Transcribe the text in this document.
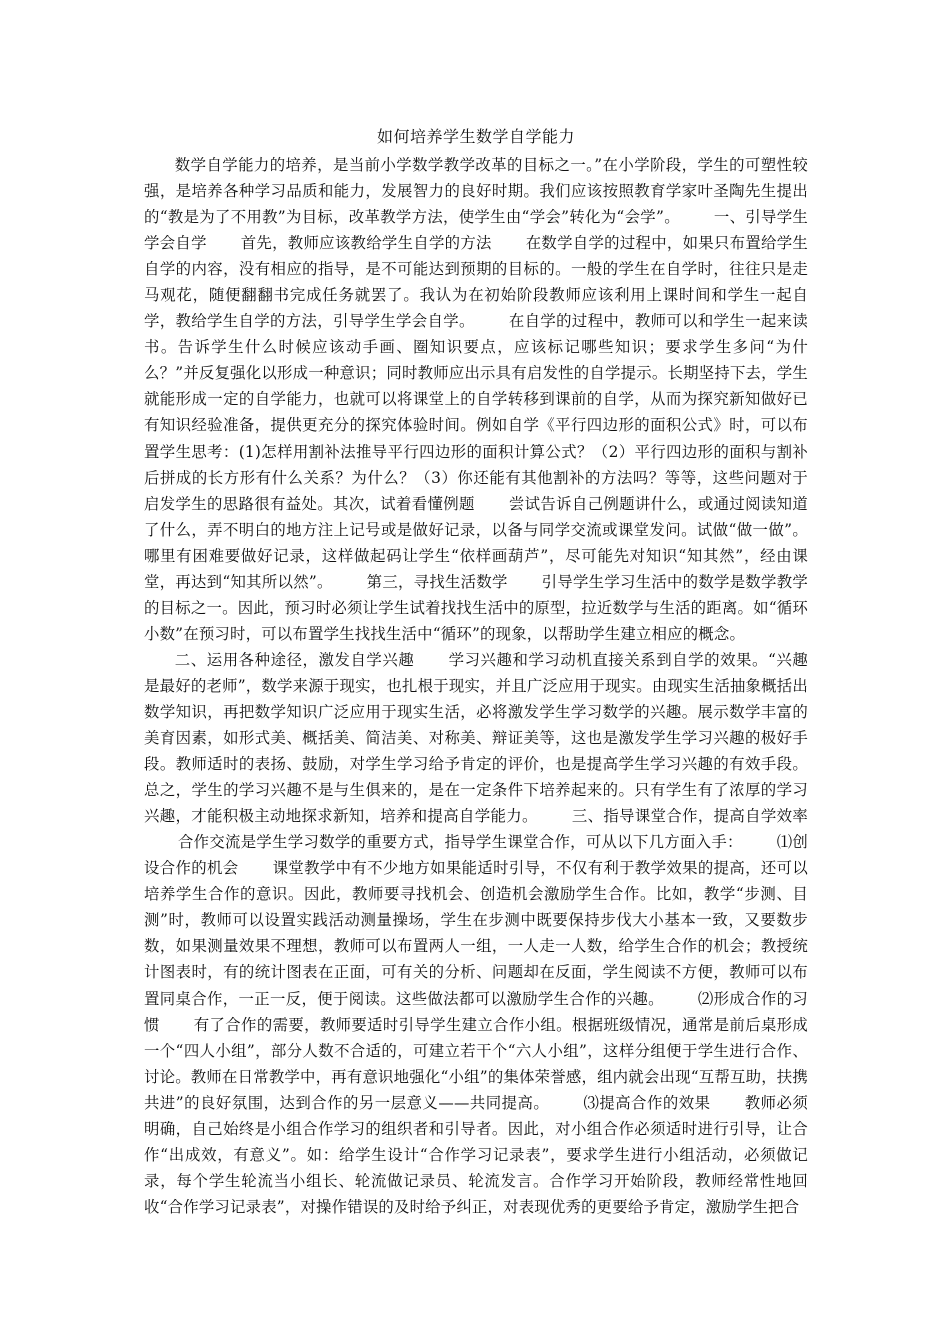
如何培养学生数学自学能力

数学自学能力的培养，是当前小学数学教学改革的目标之一。”在小学阶段，学生的可塑性较强，是培养各种学习品质和能力，发展智力的良好时期。我们应该按照教育学家叶圣陶先生提出的“教是为了不用教”为目标，改革教学方法，使学生由“学会”转化为“会学”。 一、引导学生学会自学 首先，教师应该教给学生自学的方法 在数学自学的过程中，如果只布置给学生自学的内容，没有相应的指导，是不可能达到预期的目标的。一般的学生在自学时，往往只是走马观花，随便翻翻书完成任务就罢了。我认为在初始阶段教师应该利用上课时间和学生一起自学，教给学生自学的方法，引导学生学会自学。 在自学的过程中，教师可以和学生一起来读书。告诉学生什么时候应该动手画、圈知识要点，应该标记哪些知识；要求学生多问“为什么？”并反复强化以形成一种意识；同时教师应出示具有启发性的自学提示。长期坚持下去，学生就能形成一定的自学能力，也就可以将课堂上的自学转移到课前的自学，从而为探究新知做好已有知识经验准备，提供更充分的探究体验时间。例如自学《平行四边形的面积公式》时，可以布置学生思考：(1)怎样用割补法推导平行四边形的面积计算公式？（2）平行四边形的面积与割补后拼成的长方形有什么关系？为什么？（3）你还能有其他割补的方法吗？等等，这些问题对于启发学生的思路很有益处。其次，试着看懂例题 尝试告诉自己例题讲什么，或通过阅读知道了什么，弄不明白的地方注上记号或是做好记录，以备与同学交流或课堂发问。试做“做一做”。哪里有困难要做好记录，这样做起码让学生“依样画葫芦”，尽可能先对知识“知其然”，经由课堂，再达到“知其所以然”。 第三，寻找生活数学 引导学生学习生活中的数学是数学教学的目标之一。因此，预习时必须让学生试着找找生活中的原型，拉近数学与生活的距离。如“循环小数”在预习时，可以布置学生找找生活中“循环”的现象，以帮助学生建立相应的概念。

二、运用各种途径，激发自学兴趣 学习兴趣和学习动机直接关系到自学的效果。“兴趣是最好的老师”，数学来源于现实，也扎根于现实，并且广泛应用于现实。由现实生活抽象概括出数学知识，再把数学知识广泛应用于现实生活，必将激发学生学习数学的兴趣。展示数学丰富的美育因素，如形式美、概括美、简洁美、对称美、辩证美等，这也是激发学生学习兴趣的极好手段。教师适时的表扬、鼓励，对学生学习给予肯定的评价，也是提高学生学习兴趣的有效手段。总之，学生的学习兴趣不是与生俱来的，是在一定条件下培养起来的。只有学生有了浓厚的学习兴趣，才能积极主动地探求新知，培养和提高自学能力。 三、指导课堂合作，提高自学效率合作交流是学生学习数学的重要方式，指导学生课堂合作，可从以下几方面入手： ⑴创设合作的机会 课堂教学中有不少地方如果能适时引导，不仅有利于教学效果的提高，还可以培养学生合作的意识。因此，教师要寻找机会、创造机会激励学生合作。比如，教学“步测、目测”时，教师可以设置实践活动测量操场，学生在步测中既要保持步伐大小基本一致，又要数步数，如果测量效果不理想，教师可以布置两人一组，一人走一人数，给学生合作的机会；教授统计图表时，有的统计图表在正面，可有关的分析、问题却在反面，学生阅读不方便，教师可以布置同桌合作，一正一反，便于阅读。这些做法都可以激励学生合作的兴趣。 ⑵形成合作的习惯 有了合作的需要，教师要适时引导学生建立合作小组。根据班级情况，通常是前后桌形成一个“四人小组”，部分人数不合适的，可建立若干个“六人小组”，这样分组便于学生进行合作、讨论。教师在日常教学中，再有意识地强化“小组”的集体荣誉感，组内就会出现“互帮互助，扶携共进”的良好氛围，达到合作的另一层意义——共同提高。 ⑶提高合作的效果 教师必须明确，自己始终是小组合作学习的组织者和引导者。因此，对小组合作必须适时进行引导，让合作“出成效，有意义”。如：给学生设计“合作学习记录表”，要求学生进行小组活动，必须做记录，每个学生轮流当小组长、轮流做记录员、轮流发言。合作学习开始阶段，教师经常性地回收“合作学习记录表”，对操作错误的及时给予纠正，对表现优秀的更要给予肯定，激励学生把合
